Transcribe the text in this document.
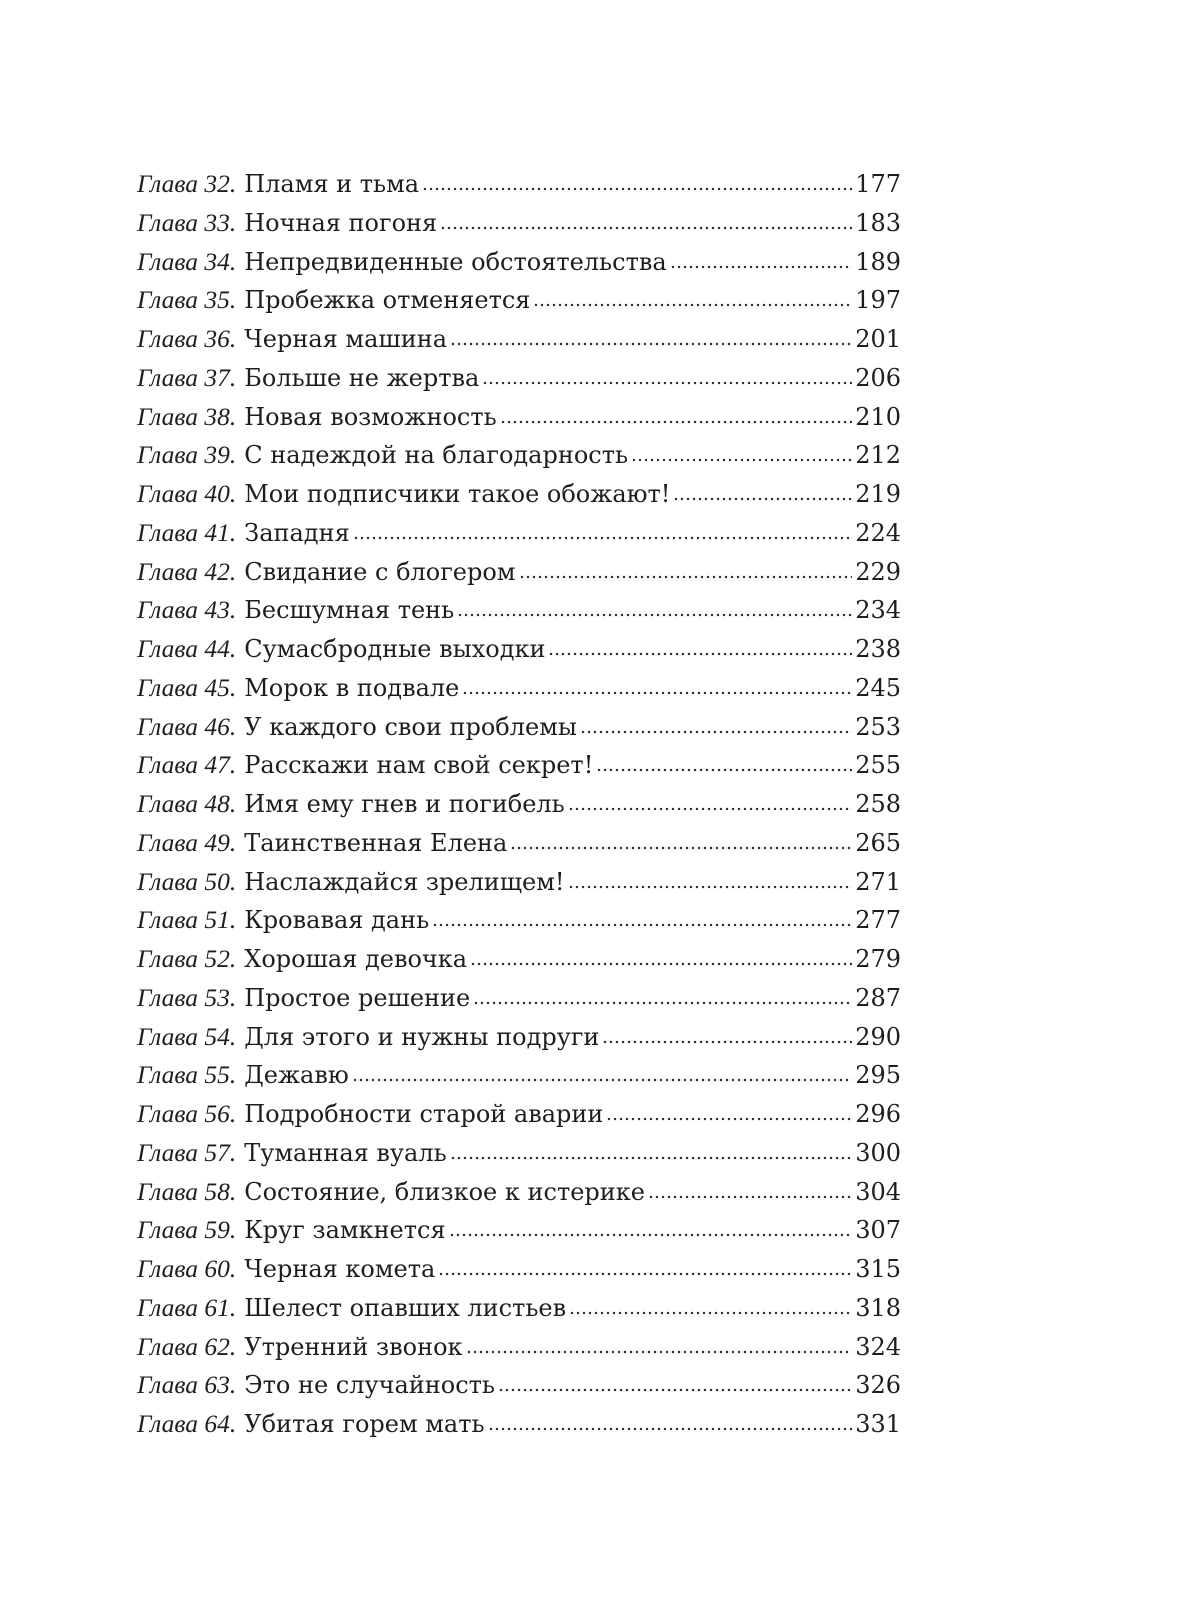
Глава 32. Пламя и тьма	177
Глава 33. Ночная погоня	183
Глава 34. Непредвиденные обстоятельства	189
Глава 35. Пробежка отменяется	197
Глава 36. Черная машина	201
Глава 37. Больше не жертва	206
Глава 38. Новая возможность	210
Глава 39. С надеждой на благодарность	212
Глава 40. Мои подписчики такое обожают!	219
Глава 41. Западня	224
Глава 42. Свидание с блогером	229
Глава 43. Бесшумная тень	234
Глава 44. Сумасбродные выходки	238
Глава 45. Морок в подвале	245
Глава 46. У каждого свои проблемы	253
Глава 47. Расскажи нам свой секрет!	255
Глава 48. Имя ему гнев и погибель	258
Глава 49. Таинственная Елена	265
Глава 50. Наслаждайся зрелищем!	271
Глава 51. Кровавая дань	277
Глава 52. Хорошая девочка	279
Глава 53. Простое решение	287
Глава 54. Для этого и нужны подруги	290
Глава 55. Дежавю	295
Глава 56. Подробности старой аварии	296
Глава 57. Туманная вуаль	300
Глава 58. Состояние, близкое к истерике	304
Глава 59. Круг замкнется	307
Глава 60. Черная комета	315
Глава 61. Шелест опавших листьев	318
Глава 62. Утренний звонок	324
Глава 63. Это не случайность	326
Глава 64. Убитая горем мать	331
